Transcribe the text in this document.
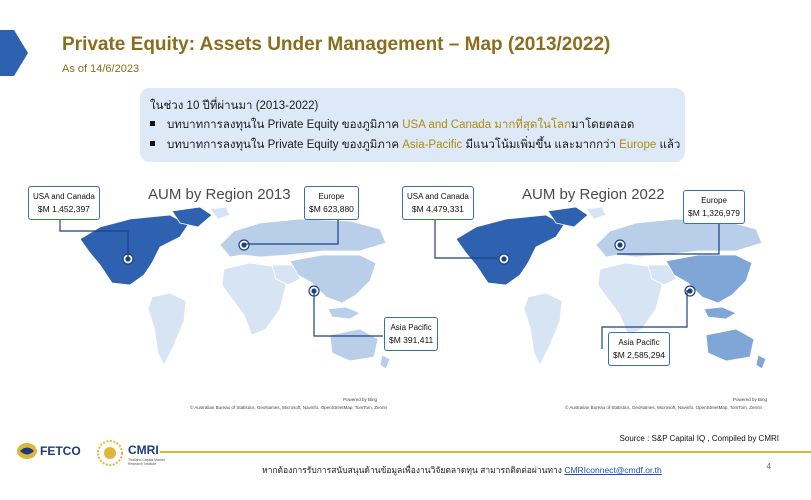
Private Equity: Assets Under Management – Map (2013/2022)
As of 14/6/2023
ในช่วง 10 ปีที่ผ่านมา (2013-2022)
บทบาทการลงทุนใน Private Equity ของภูมิภาค USA and Canada มากที่สุดในโลกมาโดยตลอด
บทบาทการลงทุนใน Private Equity ของภูมิภาค Asia-Pacific มีแนวโน้มเพิ่มขึ้น และมากกว่า Europe แล้ว
AUM by Region 2013
Powered by Bing
© Australian Bureau of Statistics, GeoNames, Microsoft, Navinfo, OpenStreetMap, TomTom, Zenrin
AUM by Region 2022
Powered by Bing
© Australian Bureau of Statistics, GeoNames, Microsoft, Navinfo, OpenStreetMap, TomTom, Zenrin
USA and Canada
$M 1,452,397
Europe
$M 623,880
Asia Pacific
$M 391,411
USA and Canada
$M 4,479,331
Europe
$M 1,326,979
Asia Pacific
$M 2,585,294
Source : S&P Capital IQ , Compiled by CMRI
FETCO	CMRI
Thailand Capital Market Research Institute
หากต้องการรับการสนับสนุนด้านข้อมูลเพื่องานวิจัยตลาดทุน สามารถติดต่อผ่านทาง CMRIconnect@cmdf.or.th	4
